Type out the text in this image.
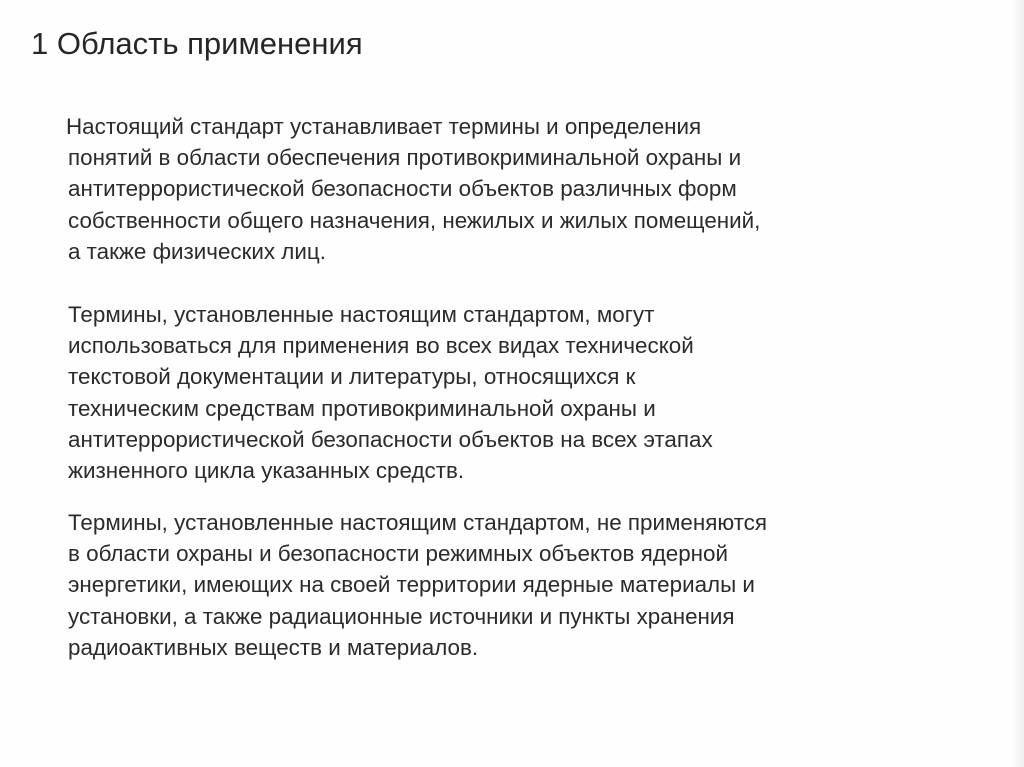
1 Область применения

Настоящий стандарт устанавливает термины и определения
понятий в области обеспечения противокриминальной охраны и
антитеррористической безопасности объектов различных форм
собственности общего назначения, нежилых и жилых помещений,
а также физических лиц.

Термины, установленные настоящим стандартом, могут
использоваться для применения во всех видах технической
текстовой документации и литературы, относящихся к
техническим средствам противокриминальной охраны и
антитеррористической безопасности объектов на всех этапах
жизненного цикла указанных средств.

Термины, установленные настоящим стандартом, не применяются
в области охраны и безопасности режимных объектов ядерной
энергетики, имеющих на своей территории ядерные материалы и
установки, а также радиационные источники и пункты хранения
радиоактивных веществ и материалов.
